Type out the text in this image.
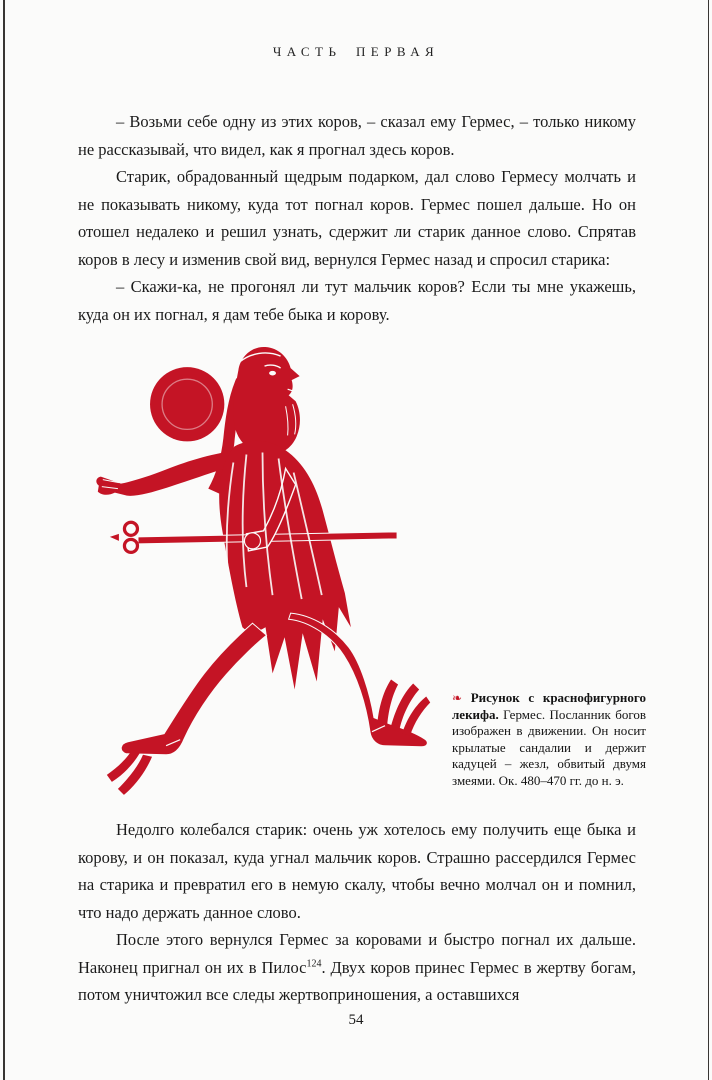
ЧАСТЬ ПЕРВАЯ

– Возьми себе одну из этих коров, – сказал ему Гермес, – только никому не рассказывай, что видел, как я прогнал здесь коров.

Старик, обрадованный щедрым подарком, дал слово Гермесу молчать и не показывать никому, куда тот погнал коров. Гермес пошел дальше. Но он отошел недалеко и решил узнать, сдержит ли старик данное слово. Спрятав коров в лесу и изменив свой вид, вернулся Гермес назад и спросил старика:

– Скажи-ка, не прогонял ли тут мальчик коров? Если ты мне укажешь, куда он их погнал, я дам тебе быка и корову.

❧ Рисунок с краснофигурного лекифа. Гермес. Посланник богов изображен в движении. Он носит крылатые сандалии и держит кадуцей – жезл, обвитый двумя змеями. Ок. 480–470 гг. до н. э.

Недолго колебался старик: очень уж хотелось ему получить еще быка и корову, и он показал, куда угнал мальчик коров. Страшно рассердился Гермес на старика и превратил его в немую скалу, чтобы вечно молчал он и помнил, что надо держать данное слово.

После этого вернулся Гермес за коровами и быстро погнал их дальше. Наконец пригнал он их в Пилос$^{124}$. Двух коров принес Гермес в жертву богам, потом уничтожил все следы жертвоприношения, а оставшихся

54
